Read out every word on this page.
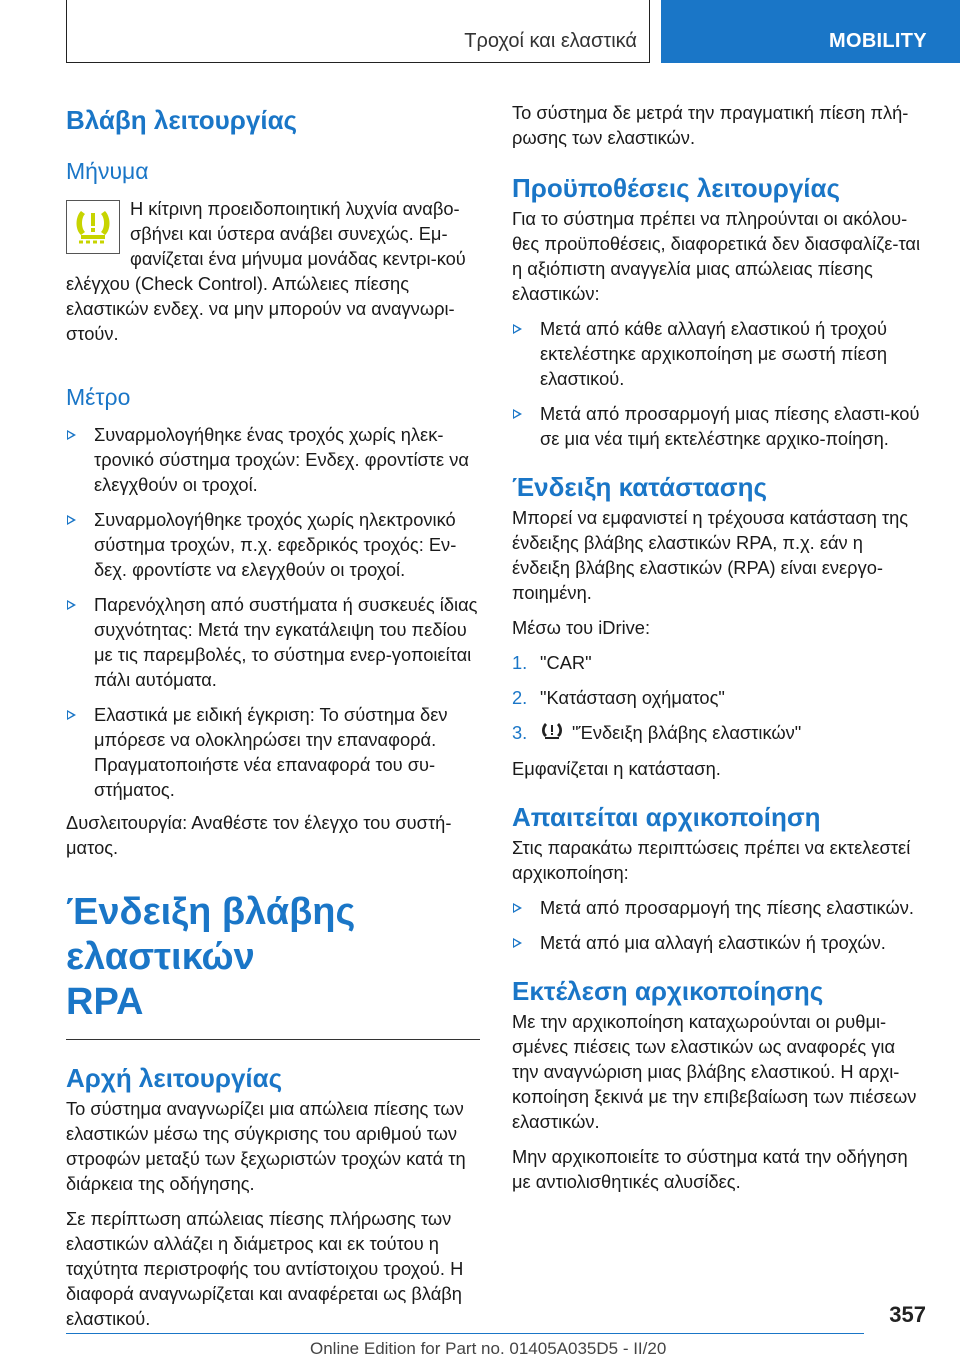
Τροχοί και ελαστικά	MOBILITY
Βλάβη λειτουργίας
Μήνυμα
Η κίτρινη προειδοποιητική λυχνία αναβο-σβήνει και ύστερα ανάβει συνεχώς. Εμ-φανίζεται ένα μήνυμα μονάδας κεντρι-κού ελέγχου (Check Control). Απώλειες πίεσης ελαστικών ενδεχ. να μην μπορούν να αναγνωρι-στούν.
Μέτρο
Συναρμολογήθηκε ένας τροχός χωρίς ηλεκ-τρονικό σύστημα τροχών: Ενδεχ. φροντίστε να ελεγχθούν οι τροχοί.
Συναρμολογήθηκε τροχός χωρίς ηλεκτρονικό σύστημα τροχών, π.χ. εφεδρικός τροχός: Εν-δεχ. φροντίστε να ελεγχθούν οι τροχοί.
Παρενόχληση από συστήματα ή συσκευές ίδιας συχνότητας: Μετά την εγκατάλειψη του πεδίου με τις παρεμβολές, το σύστημα ενερ-γοποιείται πάλι αυτόματα.
Ελαστικά με ειδική έγκριση: Το σύστημα δεν μπόρεσε να ολοκληρώσει την επαναφορά. Πραγματοποιήστε νέα επαναφορά του συ-στήματος.
Δυσλειτουργία: Αναθέστε τον έλεγχο του συστή-ματος.
Ένδειξη βλάβης ελαστικών
RPA
Αρχή λειτουργίας
Το σύστημα αναγνωρίζει μια απώλεια πίεσης των ελαστικών μέσω της σύγκρισης του αριθμού των στροφών μεταξύ των ξεχωριστών τροχών κατά τη διάρκεια της οδήγησης.
Σε περίπτωση απώλειας πίεσης πλήρωσης των ελαστικών αλλάζει η διάμετρος και εκ τούτου η ταχύτητα περιστροφής του αντίστοιχου τροχού. Η διαφορά αναγνωρίζεται και αναφέρεται ως βλάβη ελαστικού.
Το σύστημα δε μετρά την πραγματική πίεση πλή-ρωσης των ελαστικών.
Προϋποθέσεις λειτουργίας
Για το σύστημα πρέπει να πληρούνται οι ακόλου-θες προϋποθέσεις, διαφορετικά δεν διασφαλίζε-ται η αξιόπιστη αναγγελία μιας απώλειας πίεσης ελαστικών:
Μετά από κάθε αλλαγή ελαστικού ή τροχού εκτελέστηκε αρχικοποίηση με σωστή πίεση ελαστικού.
Μετά από προσαρμογή μιας πίεσης ελαστι-κού σε μια νέα τιμή εκτελέστηκε αρχικο-ποίηση.
Ένδειξη κατάστασης
Μπορεί να εμφανιστεί η τρέχουσα κατάσταση της ένδειξης βλάβης ελαστικών RPA, π.χ. εάν η ένδειξη βλάβης ελαστικών (RPA) είναι ενεργο-ποιημένη.
Μέσω του iDrive:
1. "CAR"
2. "Κατάσταση οχήματος"
3. "Ένδειξη βλάβης ελαστικών"
Εμφανίζεται η κατάσταση.
Απαιτείται αρχικοποίηση
Στις παρακάτω περιπτώσεις πρέπει να εκτελεστεί αρχικοποίηση:
Μετά από προσαρμογή της πίεσης ελαστικών.
Μετά από μια αλλαγή ελαστικών ή τροχών.
Εκτέλεση αρχικοποίησης
Με την αρχικοποίηση καταχωρούνται οι ρυθμι-σμένες πιέσεις των ελαστικών ως αναφορές για την αναγνώριση μιας βλάβης ελαστικού. Η αρχι-κοποίηση ξεκινά με την επιβεβαίωση των πιέσεων ελαστικών.
Μην αρχικοποιείτε το σύστημα κατά την οδήγηση με αντιολισθητικές αλυσίδες.
357
Online Edition for Part no. 01405A035D5 - II/20
